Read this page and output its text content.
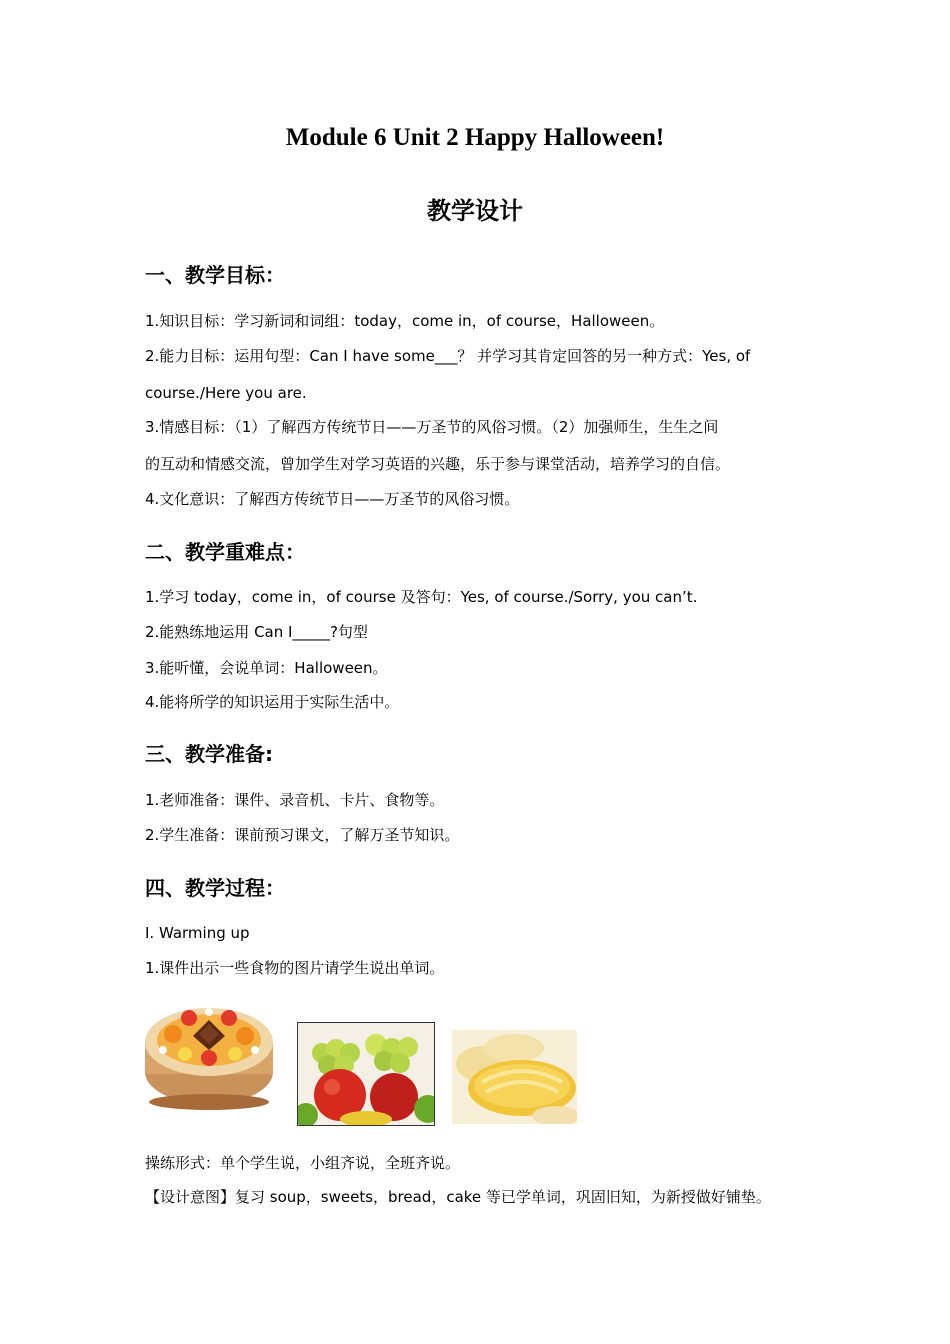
Module 6 Unit 2 Happy Halloween!
教学设计
一、教学目标：
1.知识目标：学习新词和词组：today，come in，of course，Halloween。
2.能力目标：运用句型：Can I have some___？ 并学习其肯定回答的另一种方式：Yes, of
course./Here you are.
3.情感目标：（1）了解西方传统节日——万圣节的风俗习惯。（2）加强师生，生生之间
的互动和情感交流，曾加学生对学习英语的兴趣，乐于参与课堂活动，培养学习的自信。
4.文化意识：了解西方传统节日——万圣节的风俗习惯。
二、教学重难点：
1.学习 today，come in，of course 及答句：Yes, of course./Sorry, you can’t.
2.能熟练地运用 Can I_____?句型
3.能听懂，会说单词：Halloween。
4.能将所学的知识运用于实际生活中。
三、教学准备:
1.老师准备：课件、录音机、卡片、食物等。
2.学生准备：课前预习课文，了解万圣节知识。
四、教学过程：
I. Warming up
1.课件出示一些食物的图片请学生说出单词。
操练形式：单个学生说，小组齐说，全班齐说。
【设计意图】复习 soup，sweets，bread，cake 等已学单词，巩固旧知，为新授做好铺垫。
